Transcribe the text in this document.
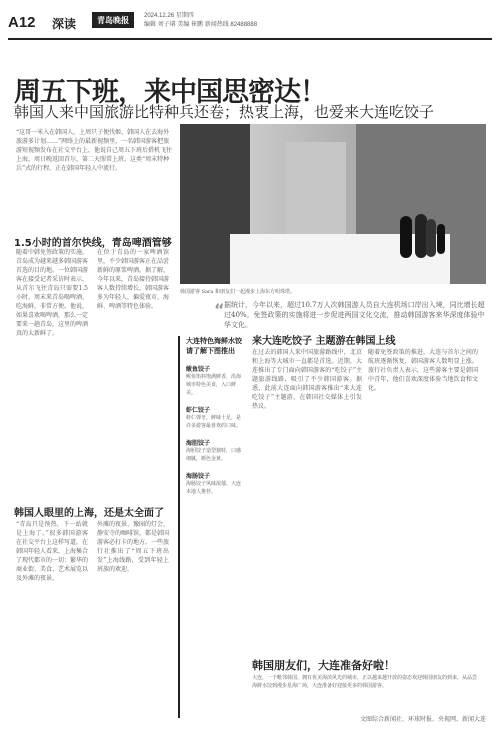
A12 深读	青岛晚报	2024.12.26 星期四
编辑 刘子璿 美编 崔鹏 新闻热线 82488888
周五下班，来中国思密达！
韩国人来中国旅游比特种兵还卷；热衷上海，也爱来大连吃饺子
“这哥一米入在韩国人，上周只子便伐姬，韩国人在去海外旅游多计划……”网络上的最新视频里，一名韩国游客把旅游短视频发布在社交平台上，他说自己周五下班后搭机飞往上海，周日晚返回首尔，第二天照常上班。这类“周末特种兵”式的行程，正在韩国年轻人中流行。
韩国游客 Sara 和朋友们一起漫步上海东方明珠塔。
“ 据统计，今年以来，超过10.7万人次韩国游人员自大连机场口岸出入境，同比增长超过40%。免签政策的实施将进一步促进两国文化交流，推动韩国游客来华深度体验中华文化。
1.5小时的首尔快线，青岛啤酒管够
随着中韩免签政策的实施，青岛成为越来越多韩国游客首选的目的地。一位韩国游客在接受记者采访时表示，从首尔飞往青岛只需要1.5小时，周末来青岛喝啤酒、吃海鲜，非常方便。他说，如果喜欢喝啤酒，那么一定要来一趟青岛，这里的啤酒真的太新鲜了。
在位于青岛的一家啤酒馆里，不少韩国游客正在品尝新鲜的原浆啤酒。据了解，今年以来，青岛接待韩国游客人数持续增长，韩国游客多为年轻人，偏爱夜市、海鲜、啤酒等特色体验。
韩国人眼里的上海，还是太全面了
“青岛只是预热，下一站就是上海了。”很多韩国游客在社交平台上这样写道。在韩国年轻人看来，上海集合了现代都市的一切：繁华的商业街、美食、艺术展览以及外滩的夜景。
外滩的夜景、豫园的灯会、静安寺的咖啡馆，都是韩国游客必打卡的地方。一些旅行社推出了“周五下班出发”上海线路，受到年轻上班族的欢迎。
大连特色海鲜水饺请了解下图推出
鲅鱼饺子
鲅鱼馅料饱满鲜香，沿海城市特色美食，入口鲜美。
虾仁饺子
虾仁弹牙，鲜味十足，是许多游客最喜欢的口味。
海胆饺子
海胆饺子造型独特，口感细腻，颜色金黄。
海肠饺子
海肠饺子风味浓郁，大连本地人推荐。
来大连吃饺子 主题游在韩国上线
在过去的韩国人来中国旅游路线中，北京和上海等大城市一直都是首选。近期，大连推出了专门面向韩国游客的“吃饺子”主题旅游线路，吸引了不少韩国游客。据悉，此前大连面向韩国游客推出“来大连吃饺子”主题游，在韩国社交媒体上引发热议。
随着免签政策的推进，大连与首尔之间的航班逐渐恢复，韩国游客人数明显上涨。旅行社负责人表示，这些游客主要是韩国中青年，他们喜欢深度体验当地饮食和文化。
韩国朋友们，大连准备好啦！
大连，一个毗邻韩国、拥有优美海滨风光的城市，正以越来越开放的姿态欢迎韩国朋友的到来。从品尝海鲜水饺到漫步星海广场，大连准备好迎接更多的韩国游客。
文图综合新闻社、环球时报、央视网、新闻大连
